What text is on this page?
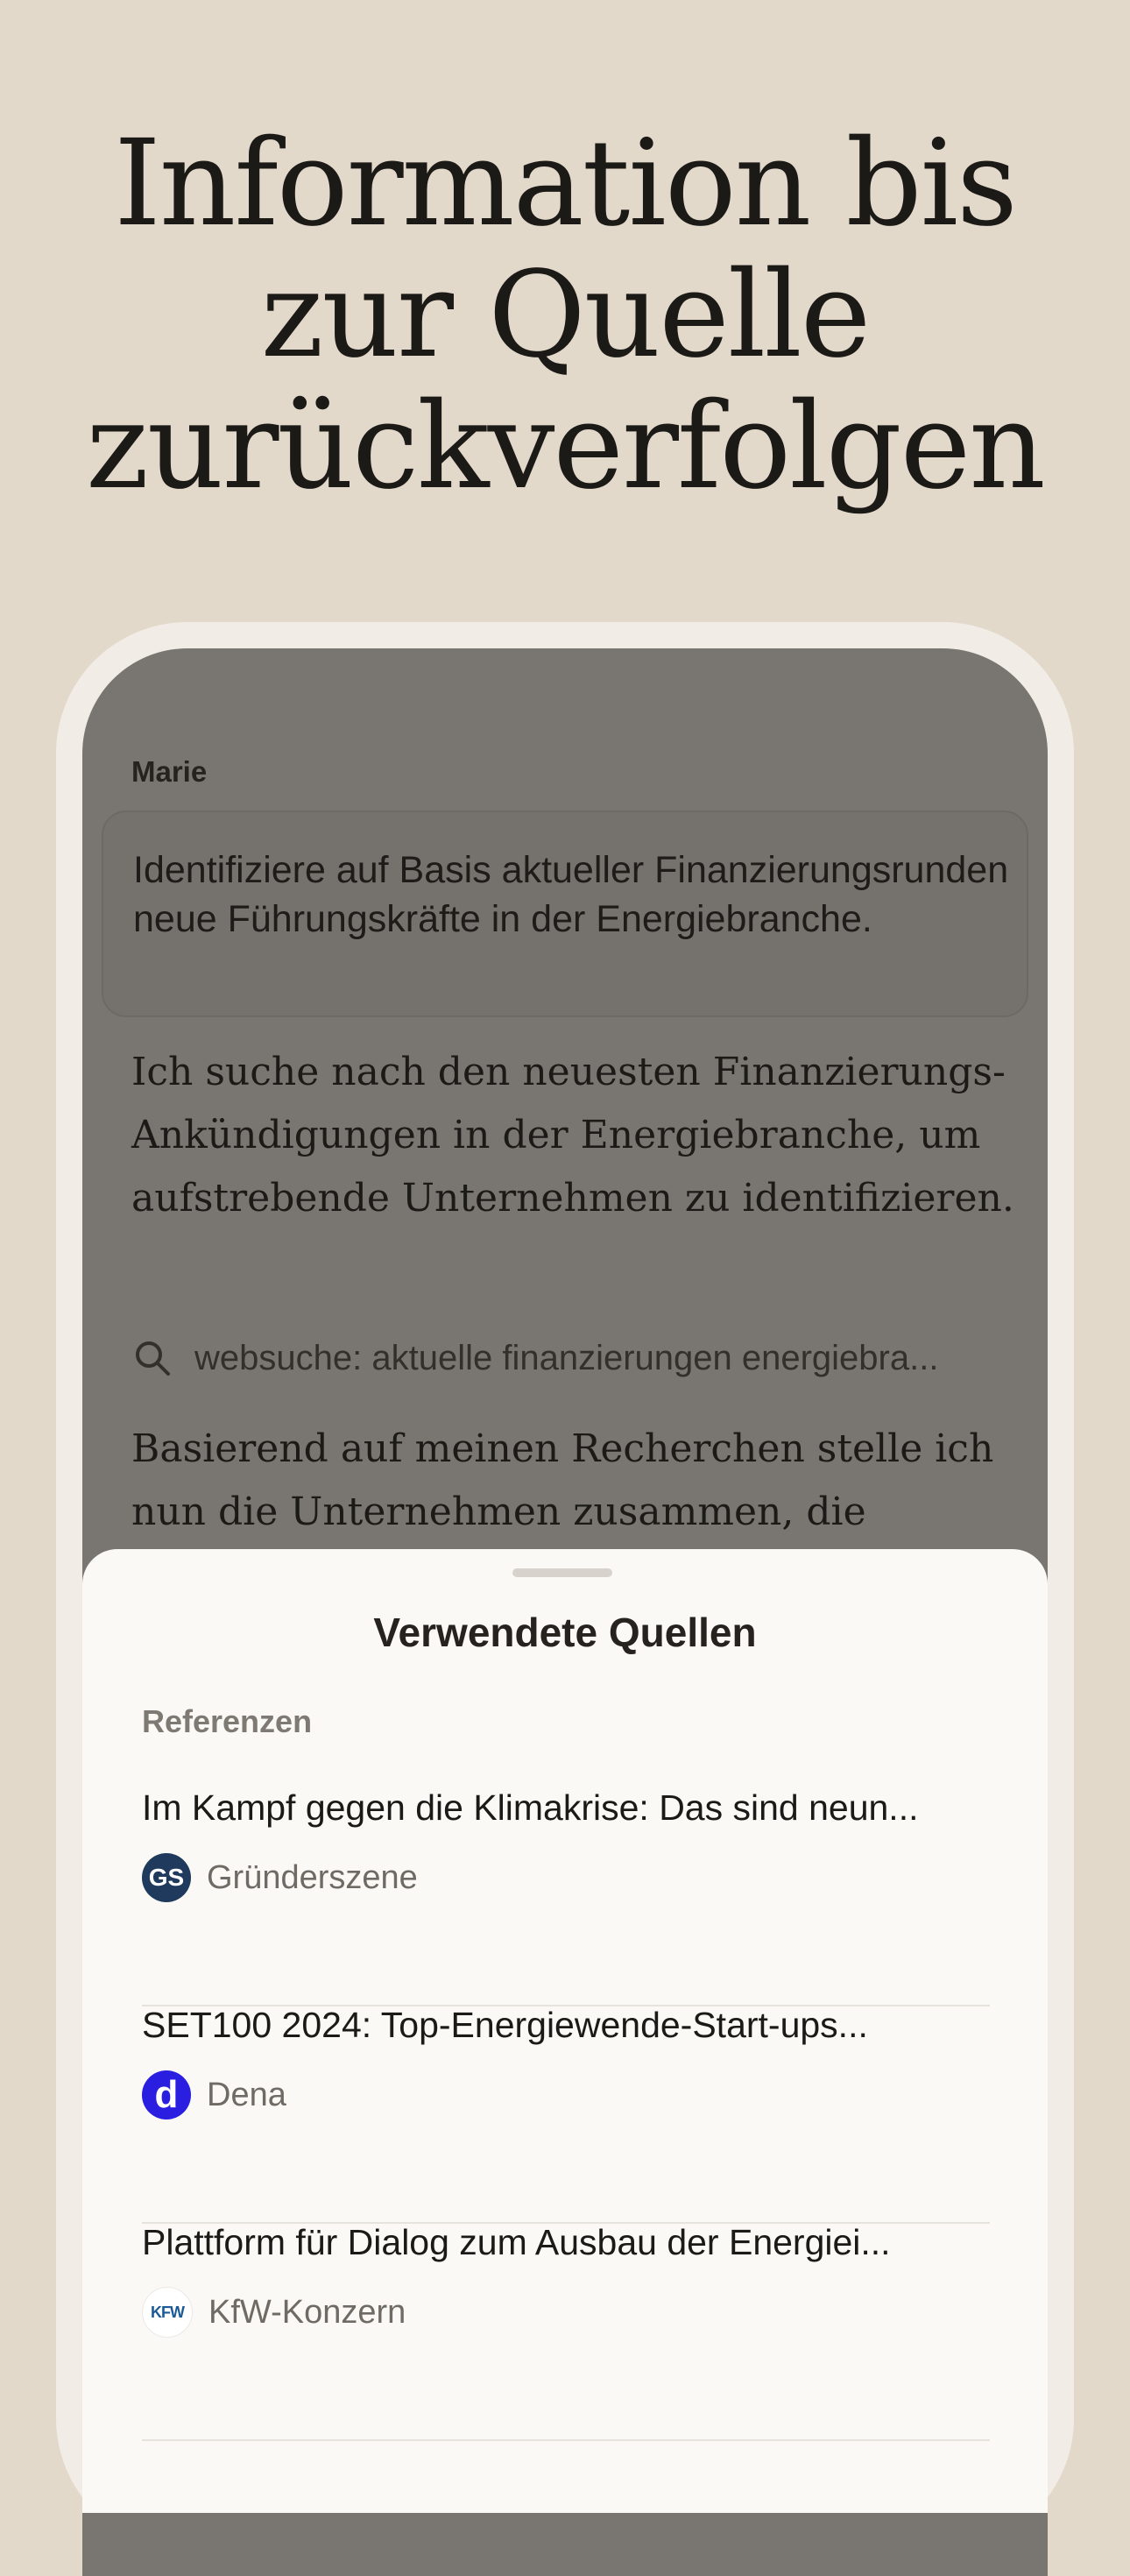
Information bis
zur Quelle
zurückverfolgen
Marie

Identifiziere auf Basis aktueller Finanzierungsrunden neue Führungskräfte in der Energiebranche.

Ich suche nach den neuesten Finanzierungs-Ankündigungen in der Energiebranche, um aufstrebende Unternehmen zu identifizieren.

websuche: aktuelle finanzierungen energiebra...

Basierend auf meinen Recherchen stelle ich nun die Unternehmen zusammen, die

Verwendete Quellen
Referenzen
Im Kampf gegen die Klimakrise: Das sind neun...
GS Gründerszene
SET100 2024: Top-Energiewende-Start-ups...
d Dena
Plattform für Dialog zum Ausbau der Energiei...
KFW KfW-Konzern
